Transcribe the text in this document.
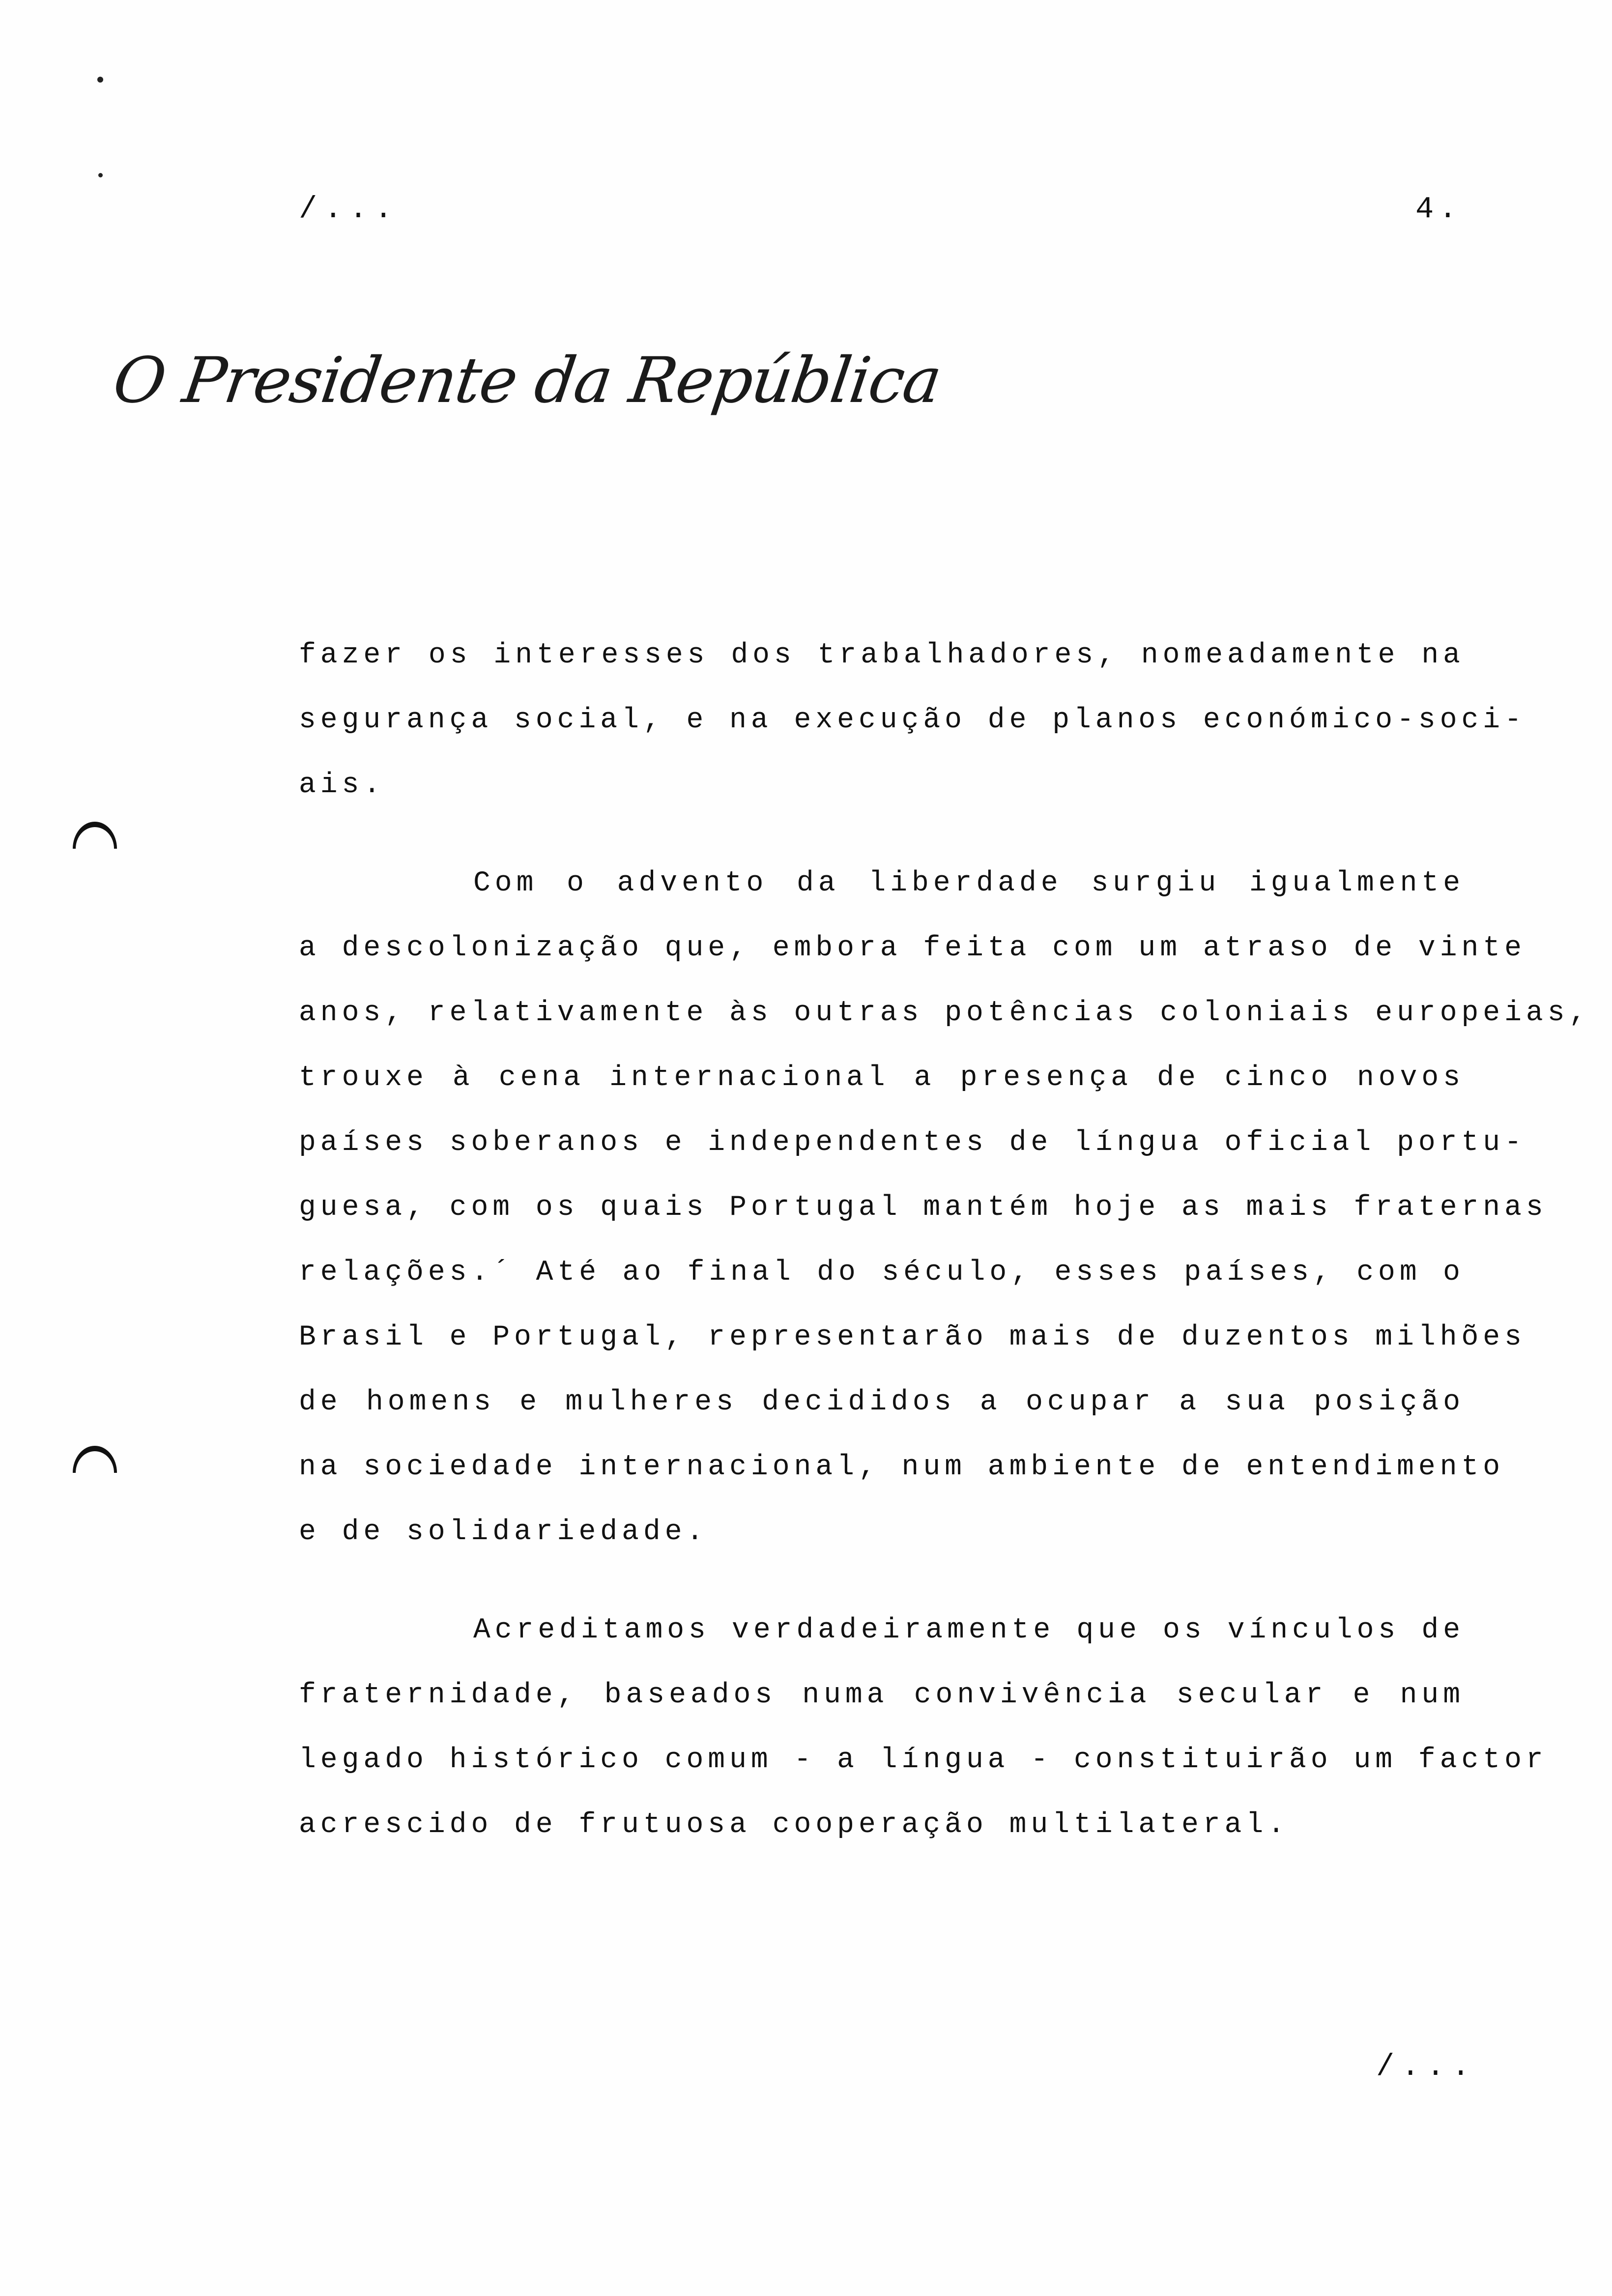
/...	4.
O Presidente da República
fazer os interesses dos trabalhadores, nomeadamente na
segurança social, e na execução de planos económico-soci-
ais.
Com o advento da liberdade surgiu igualmente
a descolonização que, embora feita com um atraso de vinte
anos, relativamente às outras potências coloniais europeias,
trouxe à cena internacional a presença de cinco novos
países soberanos e independentes de língua oficial portu-
guesa, com os quais Portugal mantém hoje as mais fraternas
relações.´ Até ao final do século, esses países, com o
Brasil e Portugal, representarão mais de duzentos milhões
de homens e mulheres decididos a ocupar a sua posição
na sociedade internacional, num ambiente de entendimento
e de solidariedade.
Acreditamos verdadeiramente que os vínculos de
fraternidade, baseados numa convivência secular e num
legado histórico comum - a língua - constituirão um factor
acrescido de frutuosa cooperação multilateral.
/...
